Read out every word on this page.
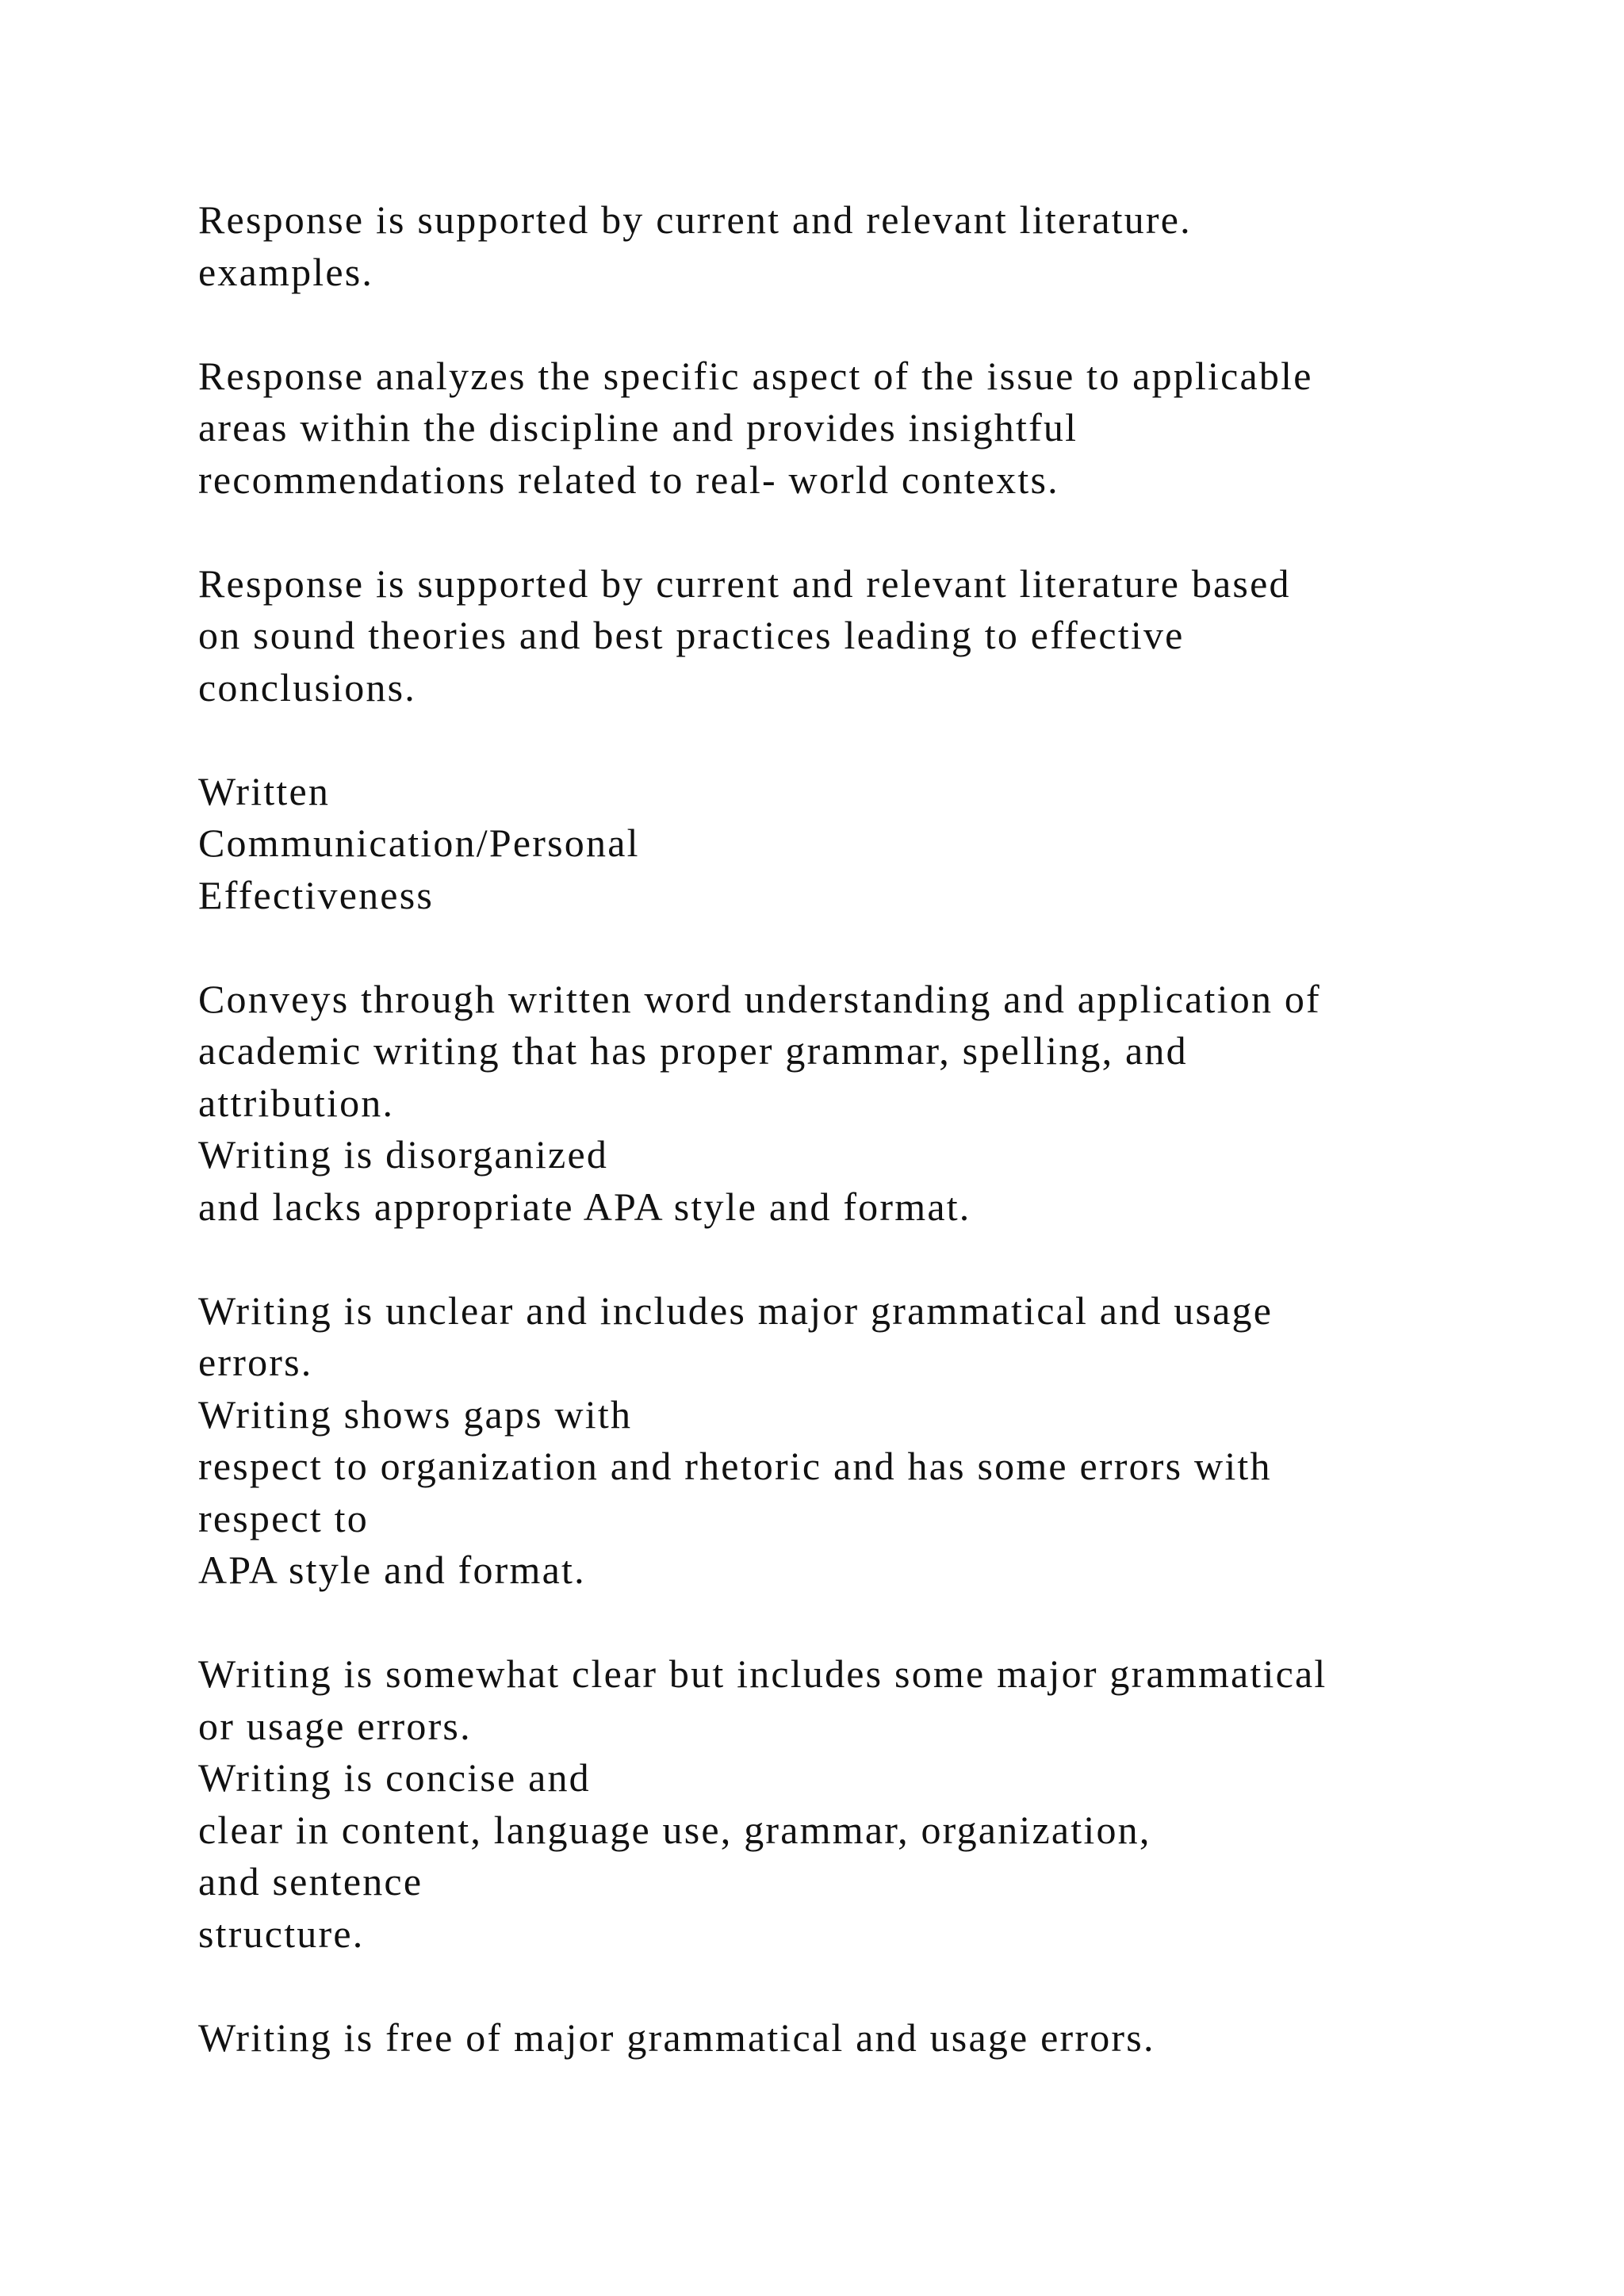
Response is supported by current and relevant literature.
examples.
Response analyzes the specific aspect of the issue to applicable
areas within the discipline and provides insightful
recommendations related to real- world contexts.
Response is supported by current and relevant literature based
on sound theories and best practices leading to effective
conclusions.
Written
Communication/Personal
Effectiveness
Conveys through written word understanding and application of
academic writing that has proper grammar, spelling, and
attribution.
Writing is disorganized
and lacks appropriate APA style and format.
Writing is unclear and includes major grammatical and usage
errors.
Writing shows gaps with
respect to organization and rhetoric and has some errors with
respect to
APA style and format.
Writing is somewhat clear but includes some major grammatical
or usage errors.
Writing is concise and
clear in content, language use, grammar, organization,
and sentence
structure.
Writing is free of major grammatical and usage errors.
